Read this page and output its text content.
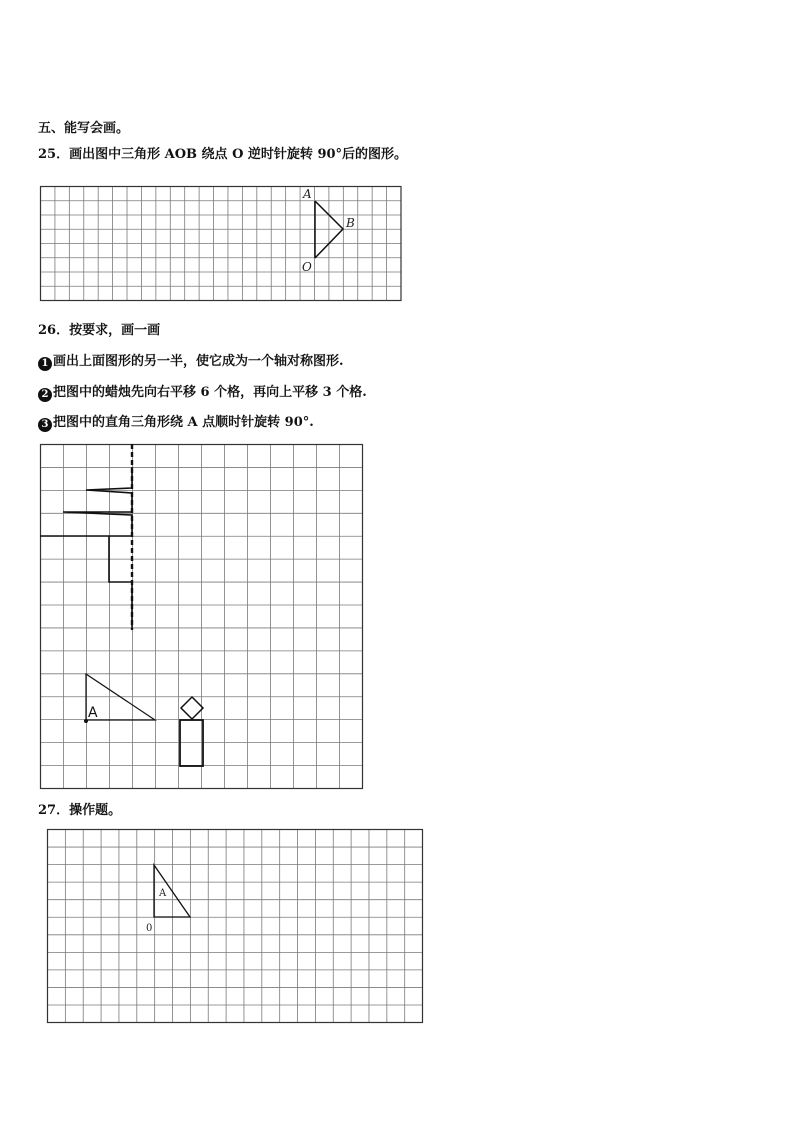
五、能写会画。

25．画出图中三角形 AOB 绕点 O 逆时针旋转 90°后的图形。

A
B
O

26．按要求，画一画

1 画出上面图形的另一半，使它成为一个轴对称图形.

2 把图中的蜡烛先向右平移 6 个格，再向上平移 3 个格.

3 把图中的直角三角形绕 A 点顺时针旋转 90°.

A

27．操作题。

A
0
